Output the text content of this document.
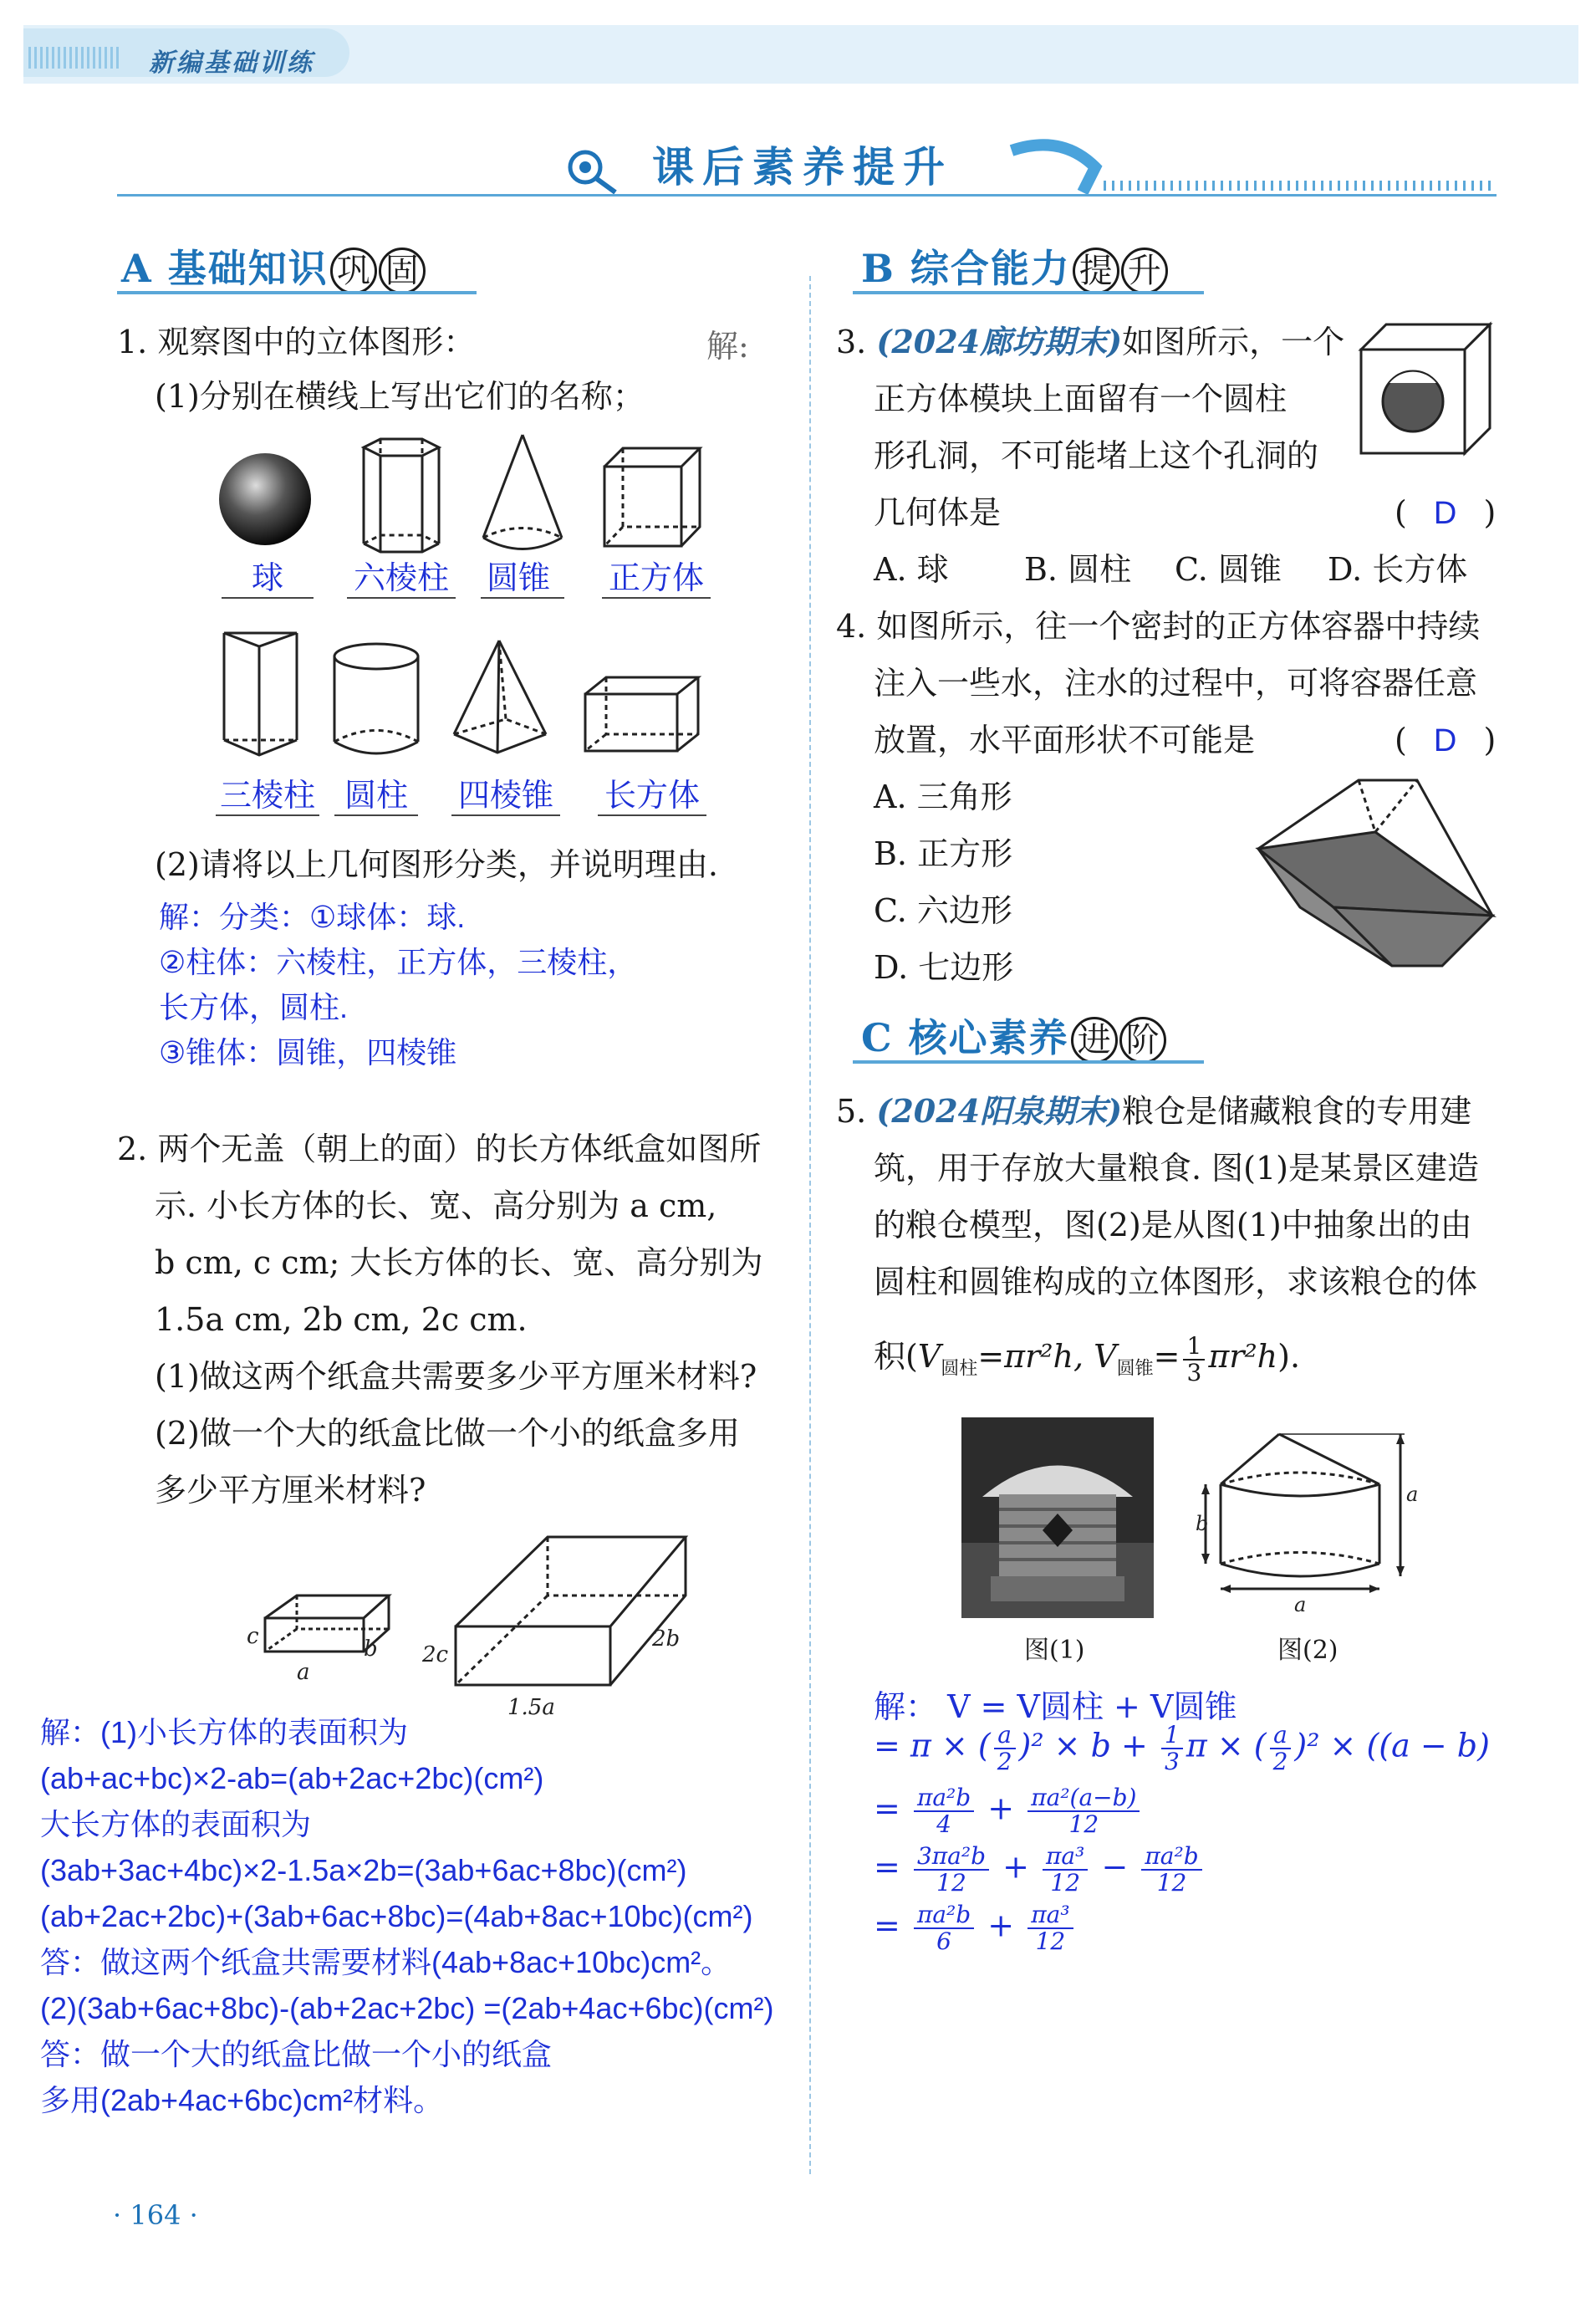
新编基础训练
课后素养提升
A 基础知识 巩 固
1. 观察图中的立体图形：	解:
(1)分别在横线上写出它们的名称；
球	六棱柱	圆锥	正方体
三棱柱 圆柱	四棱锥	长方体
(2)请将以上几何图形分类，并说明理由.
解：分类：①球体：球.
②柱体：六棱柱，正方体，三棱柱，
长方体，圆柱.
③锥体：圆锥，四棱锥
2. 两个无盖（朝上的面）的长方体纸盒如图所
示. 小长方体的长、宽、高分别为 a cm,
b cm, c cm; 大长方体的长、宽、高分别为
1.5a cm, 2b cm, 2c cm.
(1)做这两个纸盒共需要多少平方厘米材料?
(2)做一个大的纸盒比做一个小的纸盒多用
多少平方厘米材料?
c
a
b 2c
1.5a
2b
解：(1)小长方体的表面积为
(ab+ac+bc)×2-ab=(ab+2ac+2bc)(cm²)
大长方体的表面积为
(3ab+3ac+4bc)×2-1.5a×2b=(3ab+6ac+8bc)(cm²)
(ab+2ac+2bc)+(3ab+6ac+8bc)=(4ab+8ac+10bc)(cm²)
答：做这两个纸盒共需要材料(4ab+8ac+10bc)cm²。
(2)(3ab+6ac+8bc)-(ab+2ac+2bc) =(2ab+4ac+6bc)(cm²)
答：做一个大的纸盒比做一个小的纸盒
多用(2ab+4ac+6bc)cm²材料。
· 164 ·
B 综合能力 提 升
3. (2024廊坊期末)如图所示，一个
正方体模块上面留有一个圆柱
形孔洞，不可能堵上这个孔洞的
几何体是	( D )
A. 球 B. 圆柱 C. 圆锥 D. 长方体
4. 如图所示，往一个密封的正方体容器中持续
注入一些水，注水的过程中，可将容器任意
放置，水平面形状不可能是	( D )
A. 三角形
B. 正方形
C. 六边形
D. 七边形
C 核心素养 进 阶
5. (2024阳泉期末)粮仓是储藏粮食的专用建
筑，用于存放大量粮食. 图(1)是某景区建造
的粮仓模型，图(2)是从图(1)中抽象出的由
圆柱和圆锥构成的立体图形，求该粮仓的体
积($V_{圆柱}=\pi r^2h$, $V_{圆锥}= \frac{1}{3} \pi r^2h$).
图(1)
a
b
a
图(2)
解： V = V圆柱 + V圆锥
= π × ( $\frac{a}{2} )^2 \times b + \frac{1}{3}$ π × ( $\frac{a}{2} )^2 \times ((a - b)$
= $\frac{\text{πa²b}}{4} + \frac{\text{πa²(a−b)}}{12}$
= $\frac{\text{3πa²b}}{12} + \frac{\text{πa³}}{12} - \frac{\text{πa²b}}{12}$
= $\frac{\text{πa²b}}{6} + \frac{\text{πa³}}{12}$
